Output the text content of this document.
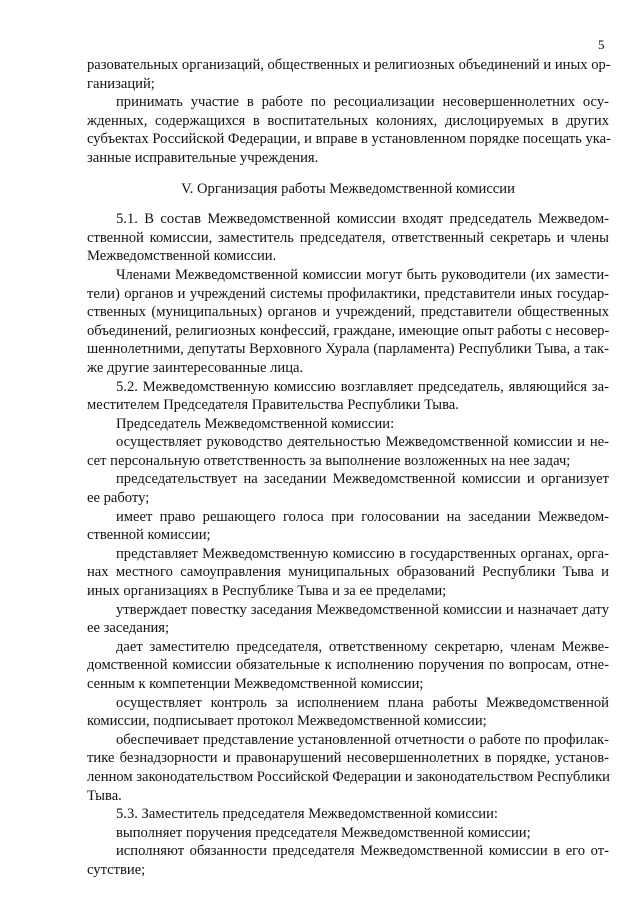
5
разовательных организаций, общественных и религиозных объединений и иных ор-
ганизаций;
принимать участие в работе по ресоциализации несовершеннолетних осу-
жденных, содержащихся в воспитательных колониях, дислоцируемых в других
субъектах Российской Федерации, и вправе в установленном порядке посещать ука-
занные исправительные учреждения.
V. Организация работы Межведомственной комиссии
5.1. В состав Межведомственной комиссии входят председатель Межведом-
ственной комиссии, заместитель председателя, ответственный секретарь и члены
Межведомственной комиссии.
Членами Межведомственной комиссии могут быть руководители (их замести-
тели) органов и учреждений системы профилактики, представители иных государ-
ственных (муниципальных) органов и учреждений, представители общественных
объединений, религиозных конфессий, граждане, имеющие опыт работы с несовер-
шеннолетними, депутаты Верховного Хурала (парламента) Республики Тыва, а так-
же другие заинтересованные лица.
5.2. Межведомственную комиссию возглавляет председатель, являющийся за-
местителем Председателя Правительства Республики Тыва.
Председатель Межведомственной комиссии:
осуществляет руководство деятельностью Межведомственной комиссии и не-
сет персональную ответственность за выполнение возложенных на нее задач;
председательствует на заседании Межведомственной комиссии и организует
ее работу;
имеет право решающего голоса при голосовании на заседании Межведом-
ственной комиссии;
представляет Межведомственную комиссию в государственных органах, орга-
нах местного самоуправления муниципальных образований Республики Тыва и
иных организациях в Республике Тыва и за ее пределами;
утверждает повестку заседания Межведомственной комиссии и назначает дату
ее заседания;
дает заместителю председателя, ответственному секретарю, членам Межве-
домственной комиссии обязательные к исполнению поручения по вопросам, отне-
сенным к компетенции Межведомственной комиссии;
осуществляет контроль за исполнением плана работы Межведомственной
комиссии, подписывает протокол Межведомственной комиссии;
обеспечивает представление установленной отчетности о работе по профилак-
тике безнадзорности и правонарушений несовершеннолетних в порядке, установ-
ленном законодательством Российской Федерации и законодательством Республики
Тыва.
5.3. Заместитель председателя Межведомственной комиссии:
выполняет поручения председателя Межведомственной комиссии;
исполняют обязанности председателя Межведомственной комиссии в его от-
сутствие;
